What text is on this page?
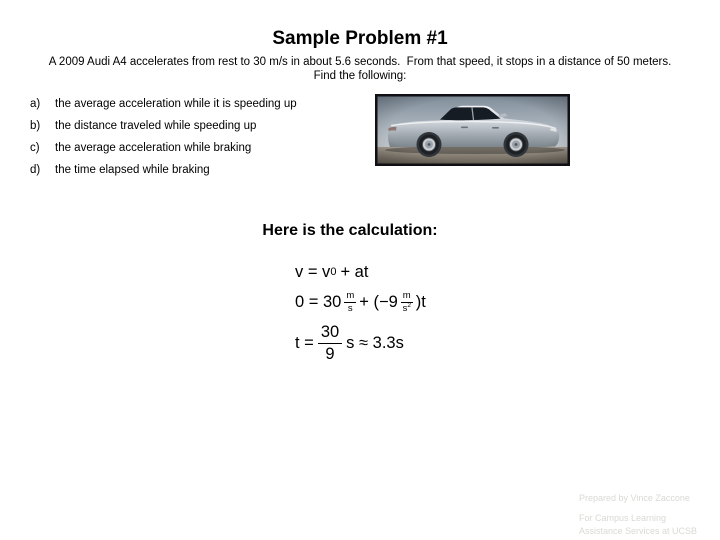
Sample Problem #1
A 2009 Audi A4 accelerates from rest to 30 m/s in about 5.6 seconds.  From that speed, it stops in a distance of 50 meters.
Find the following:
a)	the average acceleration while it is speeding up
b)	the distance traveled while speeding up
c)	the average acceleration while braking
d)	the time elapsed while braking
Here is the calculation:
v = v 0 + at
$0 = 30 \frac{m}{s} + (-9 \frac{m}{s^2} )t$
$t = \frac{30}{9}$ s ≈ 3.3s
Prepared by Vince Zaccone
For Campus Learning
Assistance Services at UCSB
